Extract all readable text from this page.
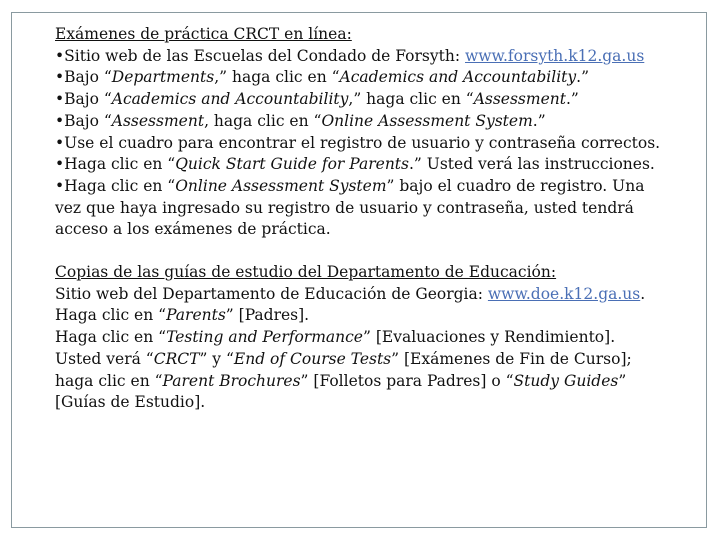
Exámenes de práctica CRCT en línea:
•Sitio web de las Escuelas del Condado de Forsyth: www.forsyth.k12.ga.us
•Bajo “Departments,” haga clic en “Academics and Accountability.”
•Bajo “Academics and Accountability,” haga clic en “Assessment.”
•Bajo “Assessment, haga clic en “Online Assessment System.”
•Use el cuadro para encontrar el registro de usuario y contraseña correctos.
•Haga clic en “Quick Start Guide for Parents.” Usted verá las instrucciones.
•Haga clic en “Online Assessment System” bajo el cuadro de registro. Una
vez que haya ingresado su registro de usuario y contraseña, usted tendrá
acceso a los exámenes de práctica.
Copias de las guías de estudio del Departamento de Educación:
Sitio web del Departamento de Educación de Georgia: www.doe.k12.ga.us.
Haga clic en “Parents” [Padres].
Haga clic en “Testing and Performance” [Evaluaciones y Rendimiento].
Usted verá “CRCT” y “End of Course Tests” [Exámenes de Fin de Curso];
haga clic en “Parent Brochures” [Folletos para Padres] o “Study Guides”
[Guías de Estudio].
